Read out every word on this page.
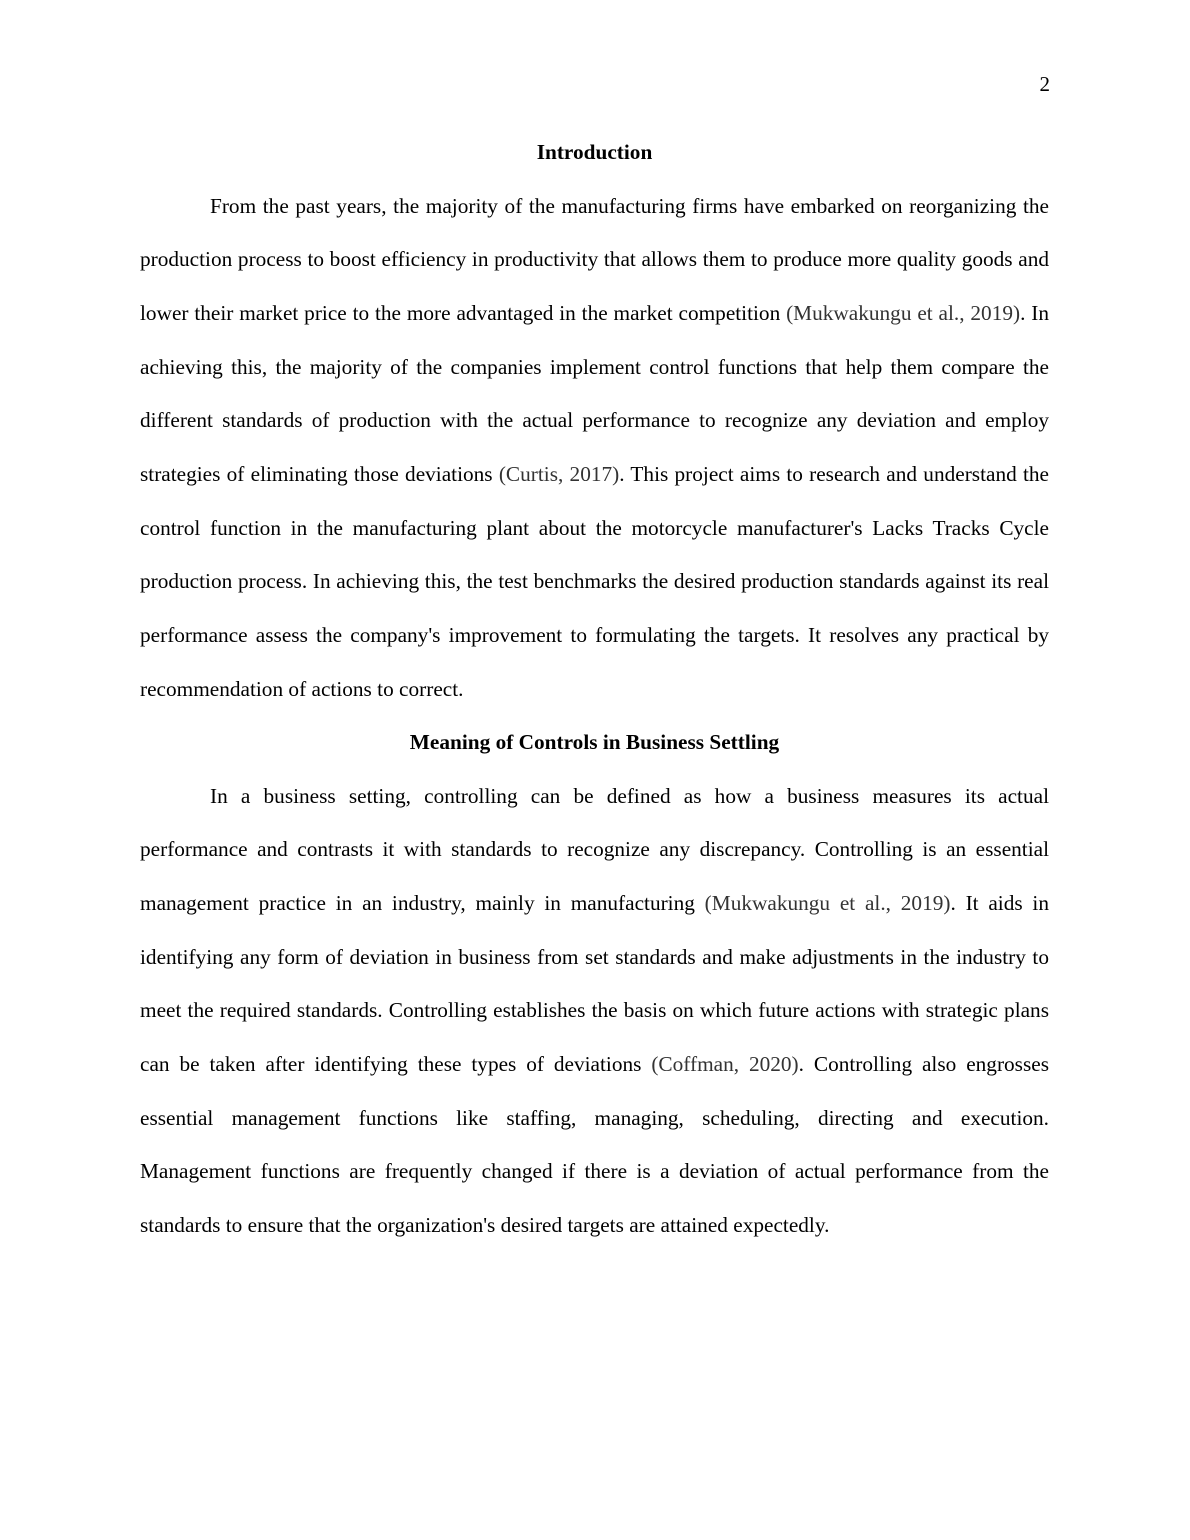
2
Introduction

From the past years, the majority of the manufacturing firms have embarked on reorganizing the production process to boost efficiency in productivity that allows them to produce more quality goods and lower their market price to the more advantaged in the market competition (Mukwakungu et al., 2019). In achieving this, the majority of the companies implement control functions that help them compare the different standards of production with the actual performance to recognize any deviation and employ strategies of eliminating those deviations (Curtis, 2017). This project aims to research and understand the control function in the manufacturing plant about the motorcycle manufacturer's Lacks Tracks Cycle production process. In achieving this, the test benchmarks the desired production standards against its real performance assess the company's improvement to formulating the targets. It resolves any practical by recommendation of actions to correct.

Meaning of Controls in Business Settling

In a business setting, controlling can be defined as how a business measures its actual performance and contrasts it with standards to recognize any discrepancy. Controlling is an essential management practice in an industry, mainly in manufacturing (Mukwakungu et al., 2019). It aids in identifying any form of deviation in business from set standards and make adjustments in the industry to meet the required standards. Controlling establishes the basis on which future actions with strategic plans can be taken after identifying these types of deviations (Coffman, 2020). Controlling also engrosses essential management functions like staffing, managing, scheduling, directing and execution. Management functions are frequently changed if there is a deviation of actual performance from the standards to ensure that the organization's desired targets are attained expectedly.
